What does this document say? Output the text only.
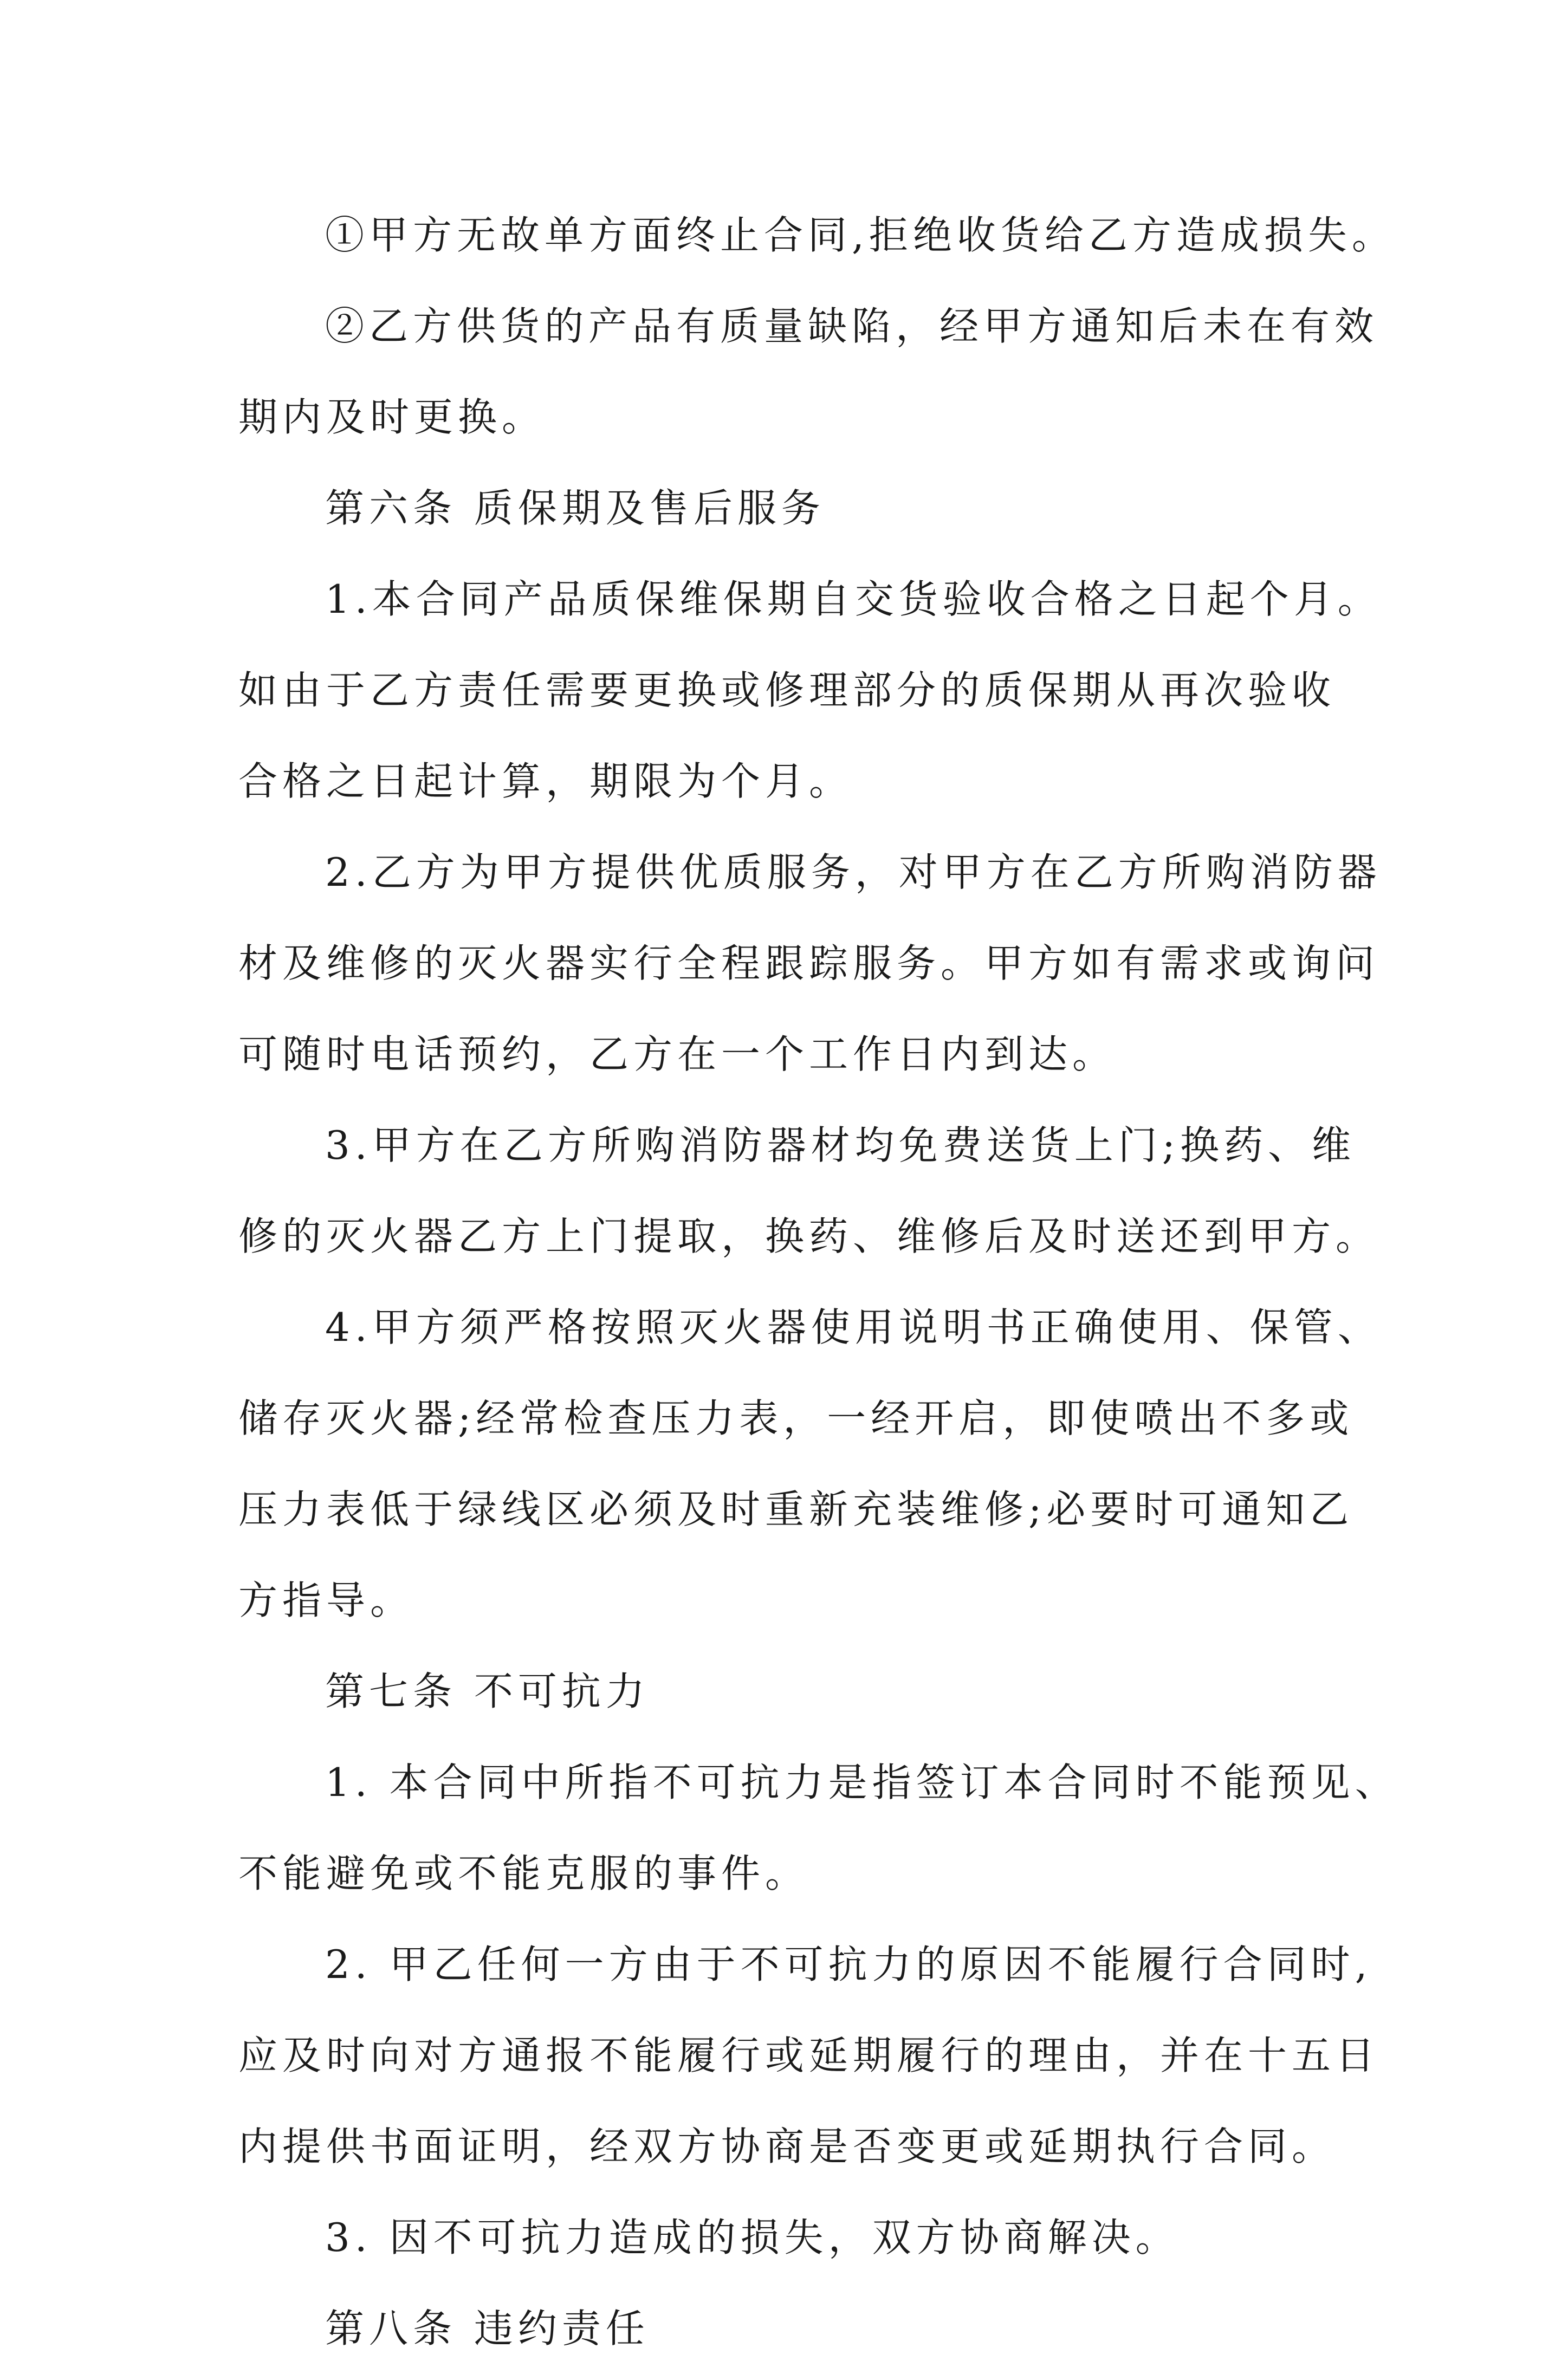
①甲方无故单方面终止合同,拒绝收货给乙方造成损失。
②乙方供货的产品有质量缺陷，经甲方通知后未在有效
期内及时更换。
第六条 质保期及售后服务
1.本合同产品质保维保期自交货验收合格之日起个月。
如由于乙方责任需要更换或修理部分的质保期从再次验收
合格之日起计算，期限为个月。
2.乙方为甲方提供优质服务，对甲方在乙方所购消防器
材及维修的灭火器实行全程跟踪服务。甲方如有需求或询问
可随时电话预约，乙方在一个工作日内到达。
3.甲方在乙方所购消防器材均免费送货上门;换药、维
修的灭火器乙方上门提取，换药、维修后及时送还到甲方。
4.甲方须严格按照灭火器使用说明书正确使用、保管、
储存灭火器;经常检查压力表，一经开启，即使喷出不多或
压力表低于绿线区必须及时重新充装维修;必要时可通知乙
方指导。
第七条 不可抗力
1. 本合同中所指不可抗力是指签订本合同时不能预见、
不能避免或不能克服的事件。
2. 甲乙任何一方由于不可抗力的原因不能履行合同时,
应及时向对方通报不能履行或延期履行的理由，并在十五日
内提供书面证明，经双方协商是否变更或延期执行合同。
3. 因不可抗力造成的损失，双方协商解决。
第八条 违约责任
